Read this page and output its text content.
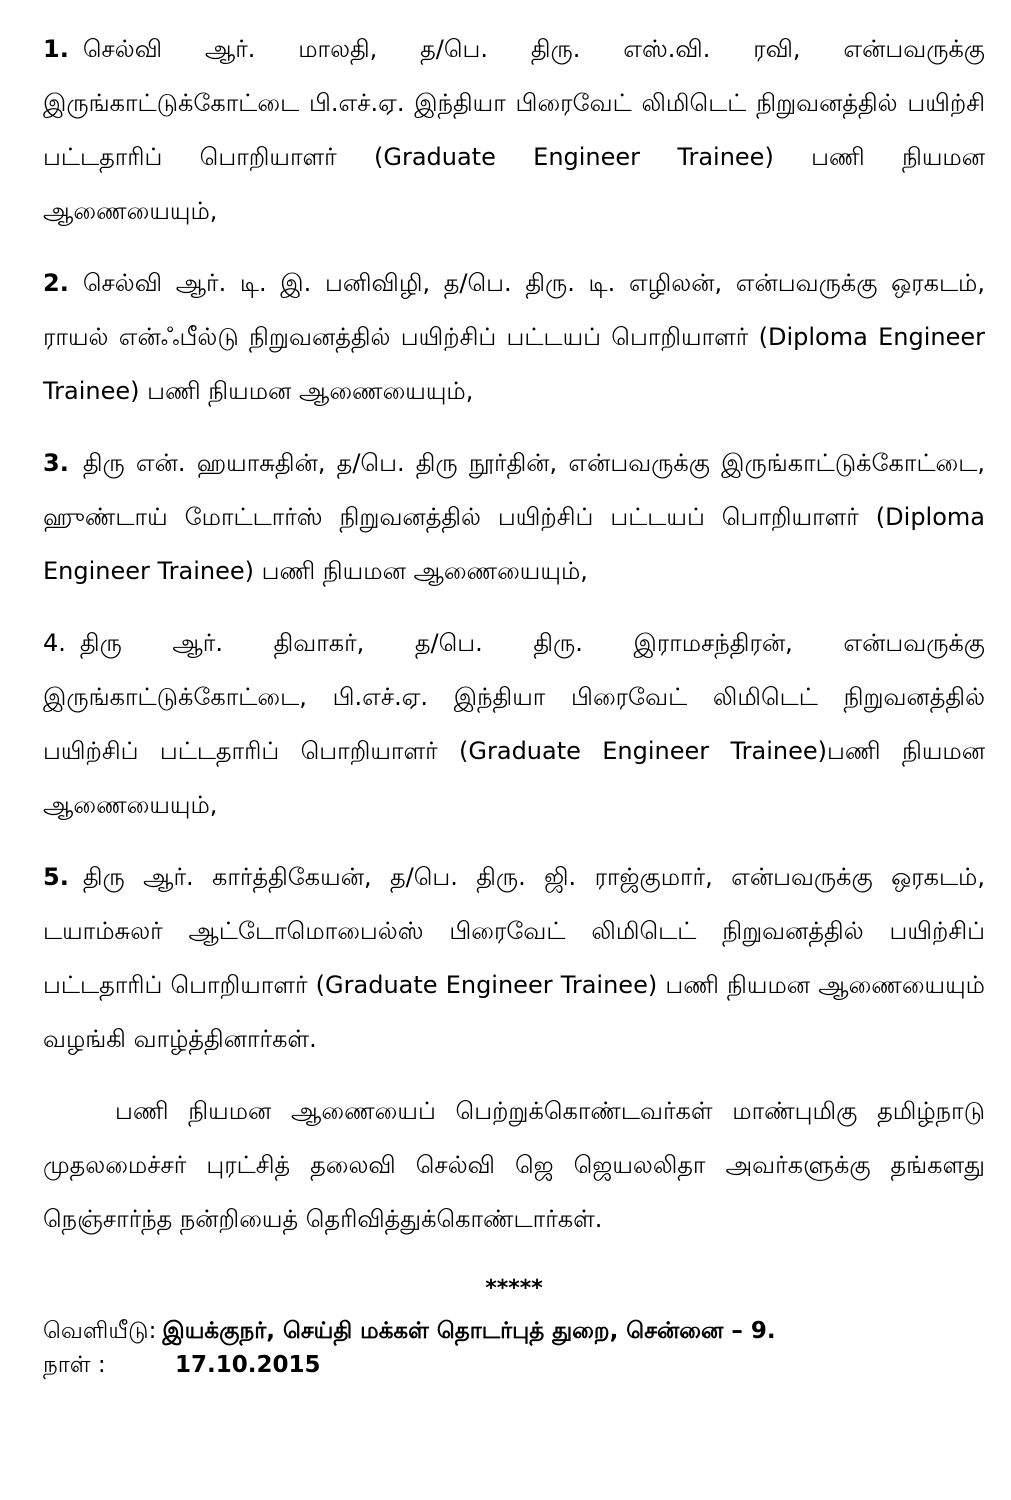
1. செல்வி ஆர். மாலதி, த/பெ. திரு. எஸ்.வி. ரவி, என்பவருக்கு இருங்காட்டுக்கோட்டை பி.எச்.ஏ. இந்தியா பிரைவேட் லிமிடெட் நிறுவனத்தில் பயிற்சி பட்டதாரிப் பொறியாளர் (Graduate Engineer Trainee) பணி நியமன ஆணையையும்,

2. செல்வி ஆர். டி. இ. பனிவிழி, த/பெ. திரு. டி. எழிலன், என்பவருக்கு ஒரகடம், ராயல் என்ஃபீல்டு நிறுவனத்தில் பயிற்சிப் பட்டயப் பொறியாளர் (Diploma Engineer Trainee) பணி நியமன ஆணையையும்,

3. திரு என். ஹயாசுதின், த/பெ. திரு நூர்தின், என்பவருக்கு இருங்காட்டுக்கோட்டை, ஹுண்டாய் மோட்டார்ஸ் நிறுவனத்தில் பயிற்சிப் பட்டயப் பொறியாளர் (Diploma Engineer Trainee) பணி நியமன ஆணையையும்,

4. திரு ஆர். திவாகர், த/பெ. திரு. இராமசந்திரன், என்பவருக்கு இருங்காட்டுக்கோட்டை, பி.எச்.ஏ. இந்தியா பிரைவேட் லிமிடெட் நிறுவனத்தில் பயிற்சிப் பட்டதாரிப் பொறியாளர் (Graduate Engineer Trainee)பணி நியமன ஆணையையும்,

5. திரு ஆர். கார்த்திகேயன், த/பெ. திரு. ஜி. ராஜ்குமார், என்பவருக்கு ஒரகடம், டயாம்சுலர் ஆட்டோமொபைல்ஸ் பிரைவேட் லிமிடெட் நிறுவனத்தில் பயிற்சிப் பட்டதாரிப் பொறியாளர் (Graduate Engineer Trainee) பணி நியமன ஆணையையும் வழங்கி வாழ்த்தினார்கள்.

பணி நியமன ஆணையைப் பெற்றுக்கொண்டவர்கள் மாண்புமிகு தமிழ்நாடு முதலமைச்சர் புரட்சித் தலைவி செல்வி ஜெ ஜெயலலிதா அவர்களுக்கு தங்களது நெஞ்சார்ந்த நன்றியைத் தெரிவித்துக்கொண்டார்கள்.

*****
வெளியீடு: இயக்குநர், செய்தி மக்கள் தொடர்புத் துறை, சென்னை – 9.
நாள் :	17.10.2015
